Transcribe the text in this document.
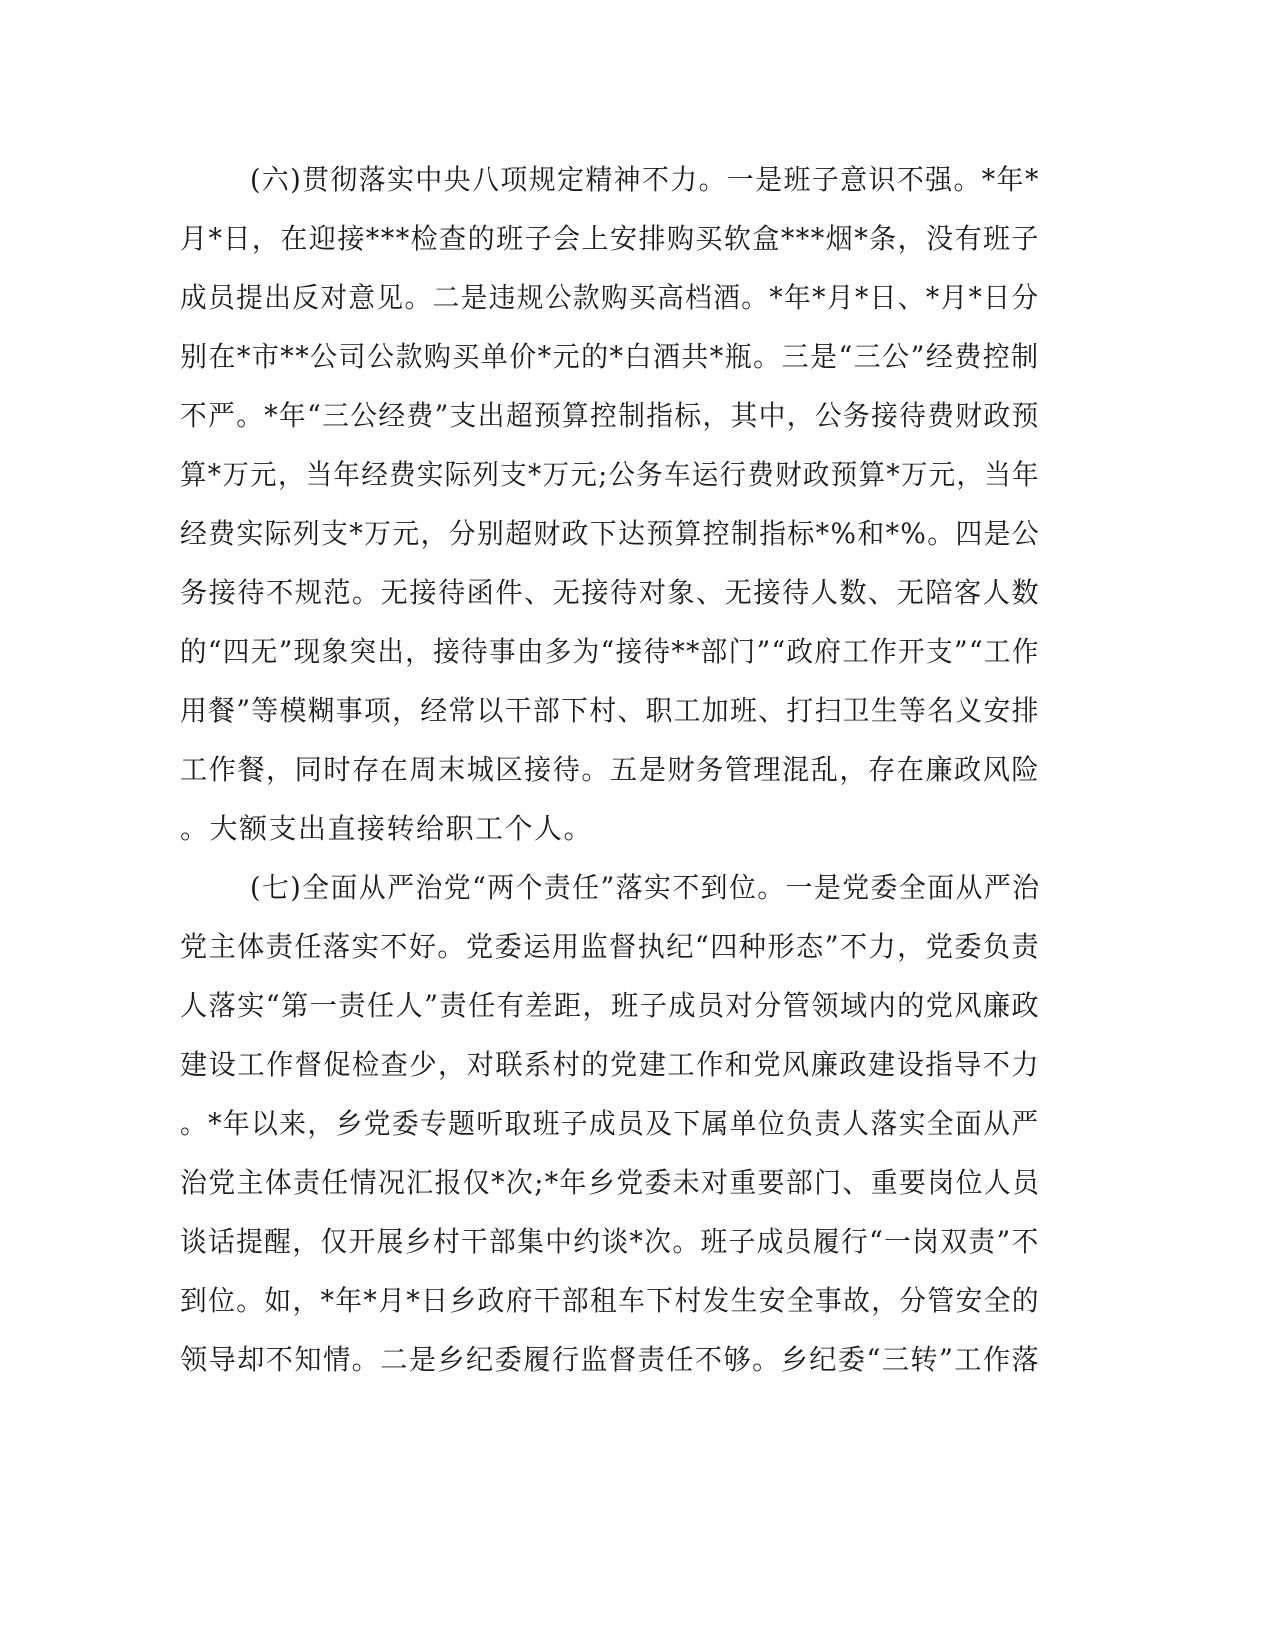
(六)贯彻落实中央八项规定精神不力。一是班子意识不强。*年*
月*日，在迎接***检查的班子会上安排购买软盒***烟*条，没有班子
成员提出反对意见。二是违规公款购买高档酒。*年*月*日、*月*日分
别在*市**公司公款购买单价*元的*白酒共*瓶。三是“三公”经费控制
不严。*年“三公经费”支出超预算控制指标，其中，公务接待费财政预
算*万元，当年经费实际列支*万元;公务车运行费财政预算*万元，当年
经费实际列支*万元，分别超财政下达预算控制指标*%和*%。四是公
务接待不规范。无接待函件、无接待对象、无接待人数、无陪客人数
的“四无”现象突出，接待事由多为“接待**部门”“政府工作开支”“工作
用餐”等模糊事项，经常以干部下村、职工加班、打扫卫生等名义安排
工作餐，同时存在周末城区接待。五是财务管理混乱，存在廉政风险
。大额支出直接转给职工个人。
(七)全面从严治党“两个责任”落实不到位。一是党委全面从严治
党主体责任落实不好。党委运用监督执纪“四种形态”不力，党委负责
人落实“第一责任人”责任有差距，班子成员对分管领域内的党风廉政
建设工作督促检查少，对联系村的党建工作和党风廉政建设指导不力
。*年以来，乡党委专题听取班子成员及下属单位负责人落实全面从严
治党主体责任情况汇报仅*次;*年乡党委未对重要部门、重要岗位人员
谈话提醒，仅开展乡村干部集中约谈*次。班子成员履行“一岗双责”不
到位。如，*年*月*日乡政府干部租车下村发生安全事故，分管安全的
领导却不知情。二是乡纪委履行监督责任不够。乡纪委“三转”工作落
